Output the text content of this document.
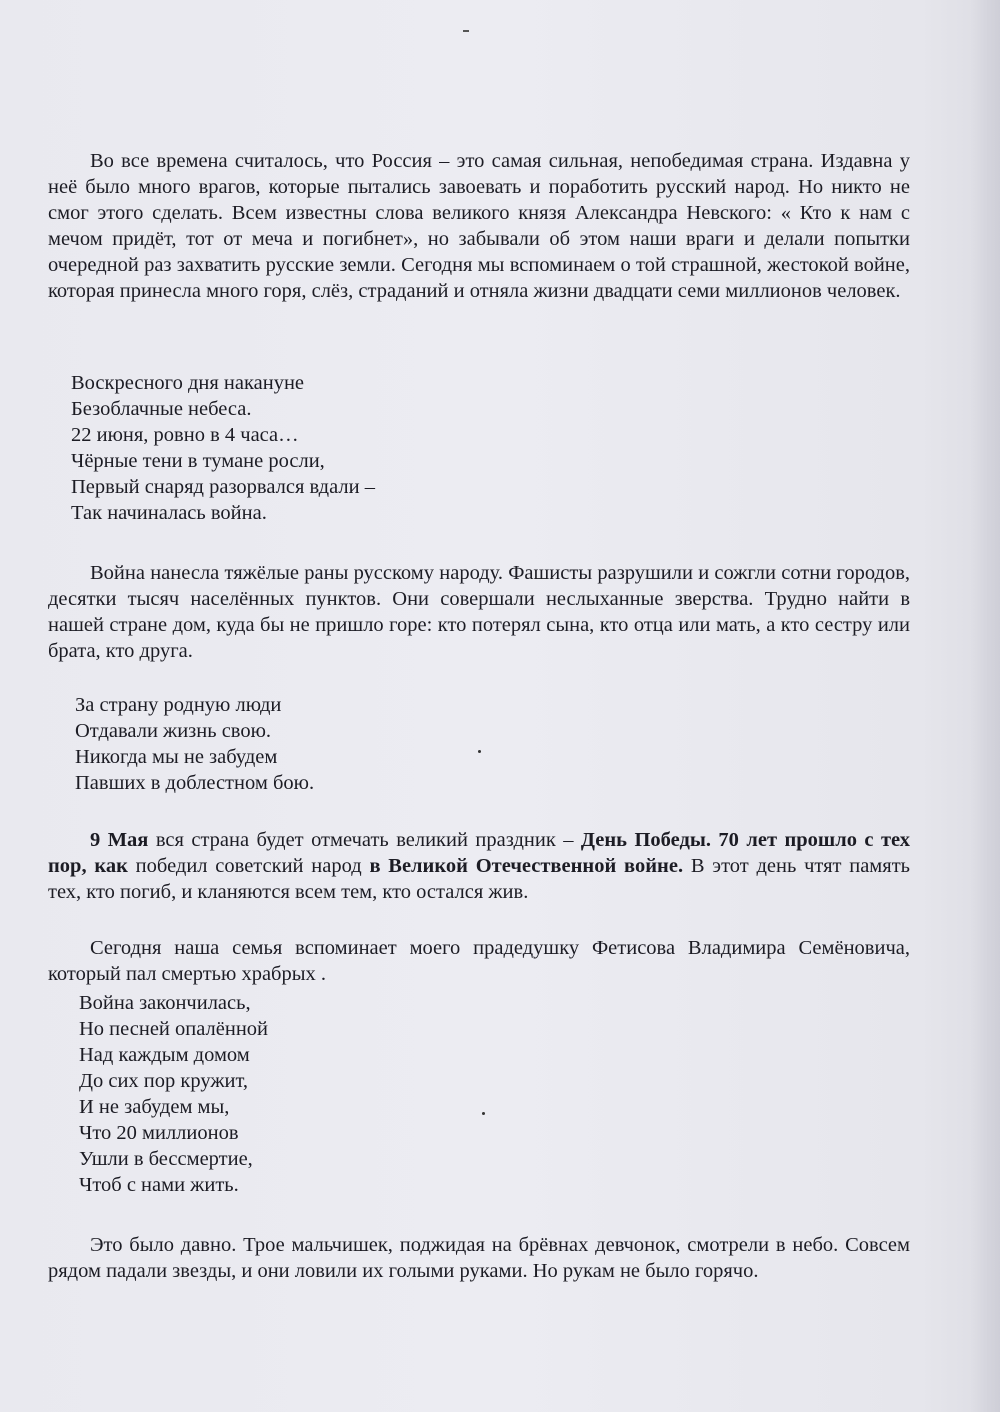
Во все времена считалось, что Россия – это самая сильная, непобедимая страна. Издавна у неё было много врагов, которые пытались завоевать и поработить русский народ. Но никто не смог этого сделать. Всем известны слова великого князя Александра Невского: « Кто к нам с мечом придёт, тот от меча и погибнет», но забывали об этом наши враги и делали попытки очередной раз захватить русские земли. Сегодня мы вспоминаем о той страшной, жестокой войне, которая принесла много горя, слёз, страданий и отняла жизни двадцати семи миллионов человек.

Воскресного дня накануне
Безоблачные небеса.
22 июня, ровно в 4 часа…
Чёрные тени в тумане росли,
Первый снаряд разорвался вдали –
Так начиналась война.

Война нанесла тяжёлые раны русскому народу. Фашисты разрушили и сожгли сотни городов, десятки тысяч населённых пунктов. Они совершали неслыханные зверства. Трудно найти в нашей стране дом, куда бы не пришло горе: кто потерял сына, кто отца или мать, а кто сестру или брата, кто друга.

За страну родную люди
Отдавали жизнь свою.
Никогда мы не забудем
Павших в доблестном бою.

9 Мая вся страна будет отмечать великий праздник – День Победы. 70 лет прошло с тех пор, как победил советский народ в Великой Отечественной войне. В этот день чтят память тех, кто погиб, и кланяются всем тем, кто остался жив.

Сегодня наша семья вспоминает моего прадедушку Фетисова Владимира Семёновича, который пал смертью храбрых .

Война закончилась,
Но песней опалённой
Над каждым домом
До сих пор кружит,
И не забудем мы,
Что 20 миллионов
Ушли в бессмертие,
Чтоб с нами жить.

Это было давно. Трое мальчишек, поджидая на брёвнах девчонок, смотрели в небо. Совсем рядом падали звезды, и они ловили их голыми руками. Но рукам не было горячо.
